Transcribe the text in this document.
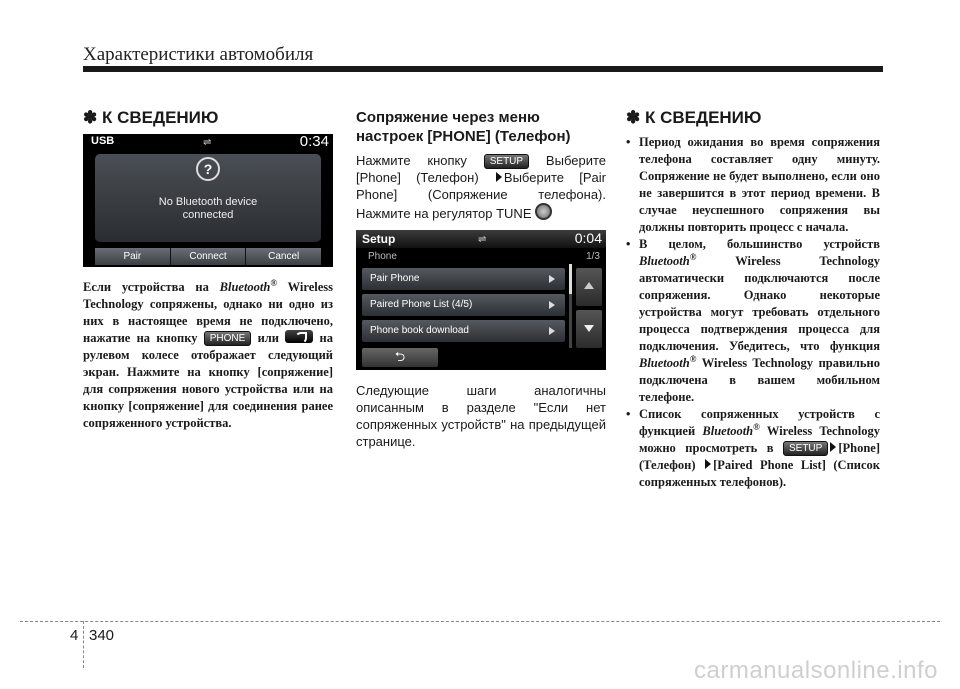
Характеристики автомобиля
✽ К СВЕДЕНИЮ
USB	⇌	0:34
?
No Bluetooth device
connected
Pair	Connect	Cancel

Если устройства на Bluetooth® Wireless Technology сопряжены, однако ни одно из них в настоящее время не подключено, нажатие на кнопку PHONE или  на рулевом колесе отображает следующий экран. Нажмите на кнопку [сопряжение] для сопряжения нового устройства или на кнопку [сопряжение] для соединения ранее сопряженного устройства.

Сопряжение через меню настроек [PHONE] (Телефон)

Нажмите кнопку SETUP Выберите [Phone] (Телефон) Выберите [Pair Phone] (Сопряжение телефона). Нажмите на регулятор TUNE

Setup	⇌	0:04
Phone	1/3
Pair Phone
Paired Phone List (4/5)
Phone book download
⮌

Следующие шаги аналогичны описанным в разделе "Если нет сопряженных устройств" на предыдущей странице.

✽ К СВЕДЕНИЮ
• Период ожидания во время сопряжения телефона составляет одну минуту. Сопряжение не будет выполнено, если оно не завершится в этот период времени. В случае неуспешного сопряжения вы должны повторить процесс с начала.
• В целом, большинство устройств Bluetooth® Wireless Technology автоматически подключаются после сопряжения. Однако некоторые устройства могут требовать отдельного процесса подтверждения процесса для подключения. Убедитесь, что функция Bluetooth® Wireless Technology правильно подключена в вашем мобильном телефоне.
• Список сопряженных устройств с функцией Bluetooth® Wireless Technology можно просмотреть в SETUP [Phone] (Телефон) [Paired Phone List] (Список сопряженных телефонов).
4 340
carmanualsonline.info
